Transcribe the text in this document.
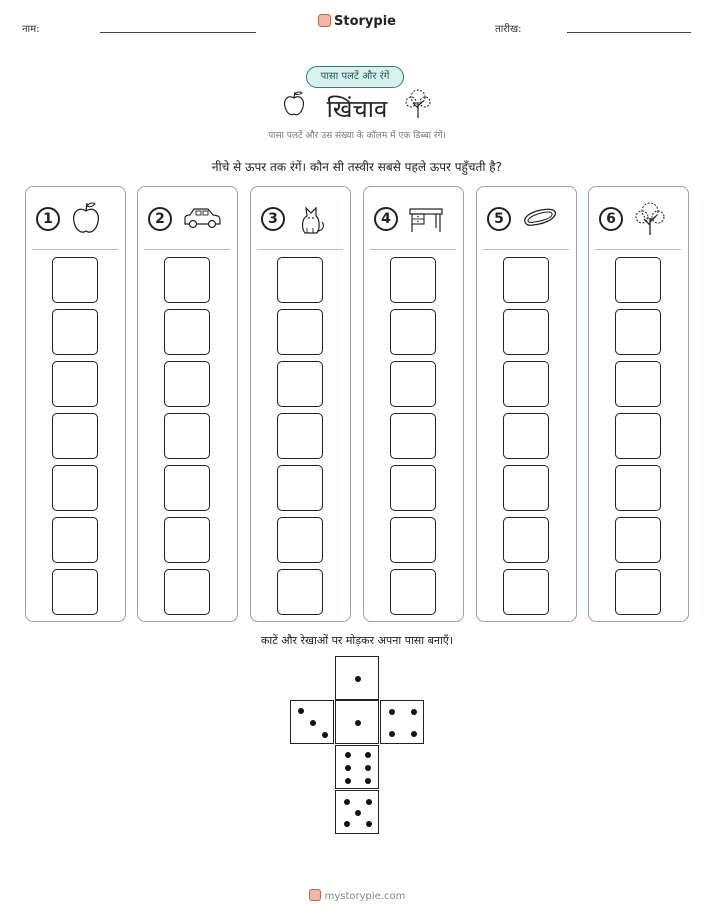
नाम:
Storypie
तारीख:
पासा पलटें और रंगें
खिंचाव
पासा पलटें और उस संख्या के कॉलम में एक डिब्बा रंगें।
नीचे से ऊपर तक रंगें। कौन सी तस्वीर सबसे पहले ऊपर पहुँचती है?
1	2	3	4	5	6
काटें और रेखाओं पर मोड़कर अपना पासा बनाएँ।
mystorypie.com
